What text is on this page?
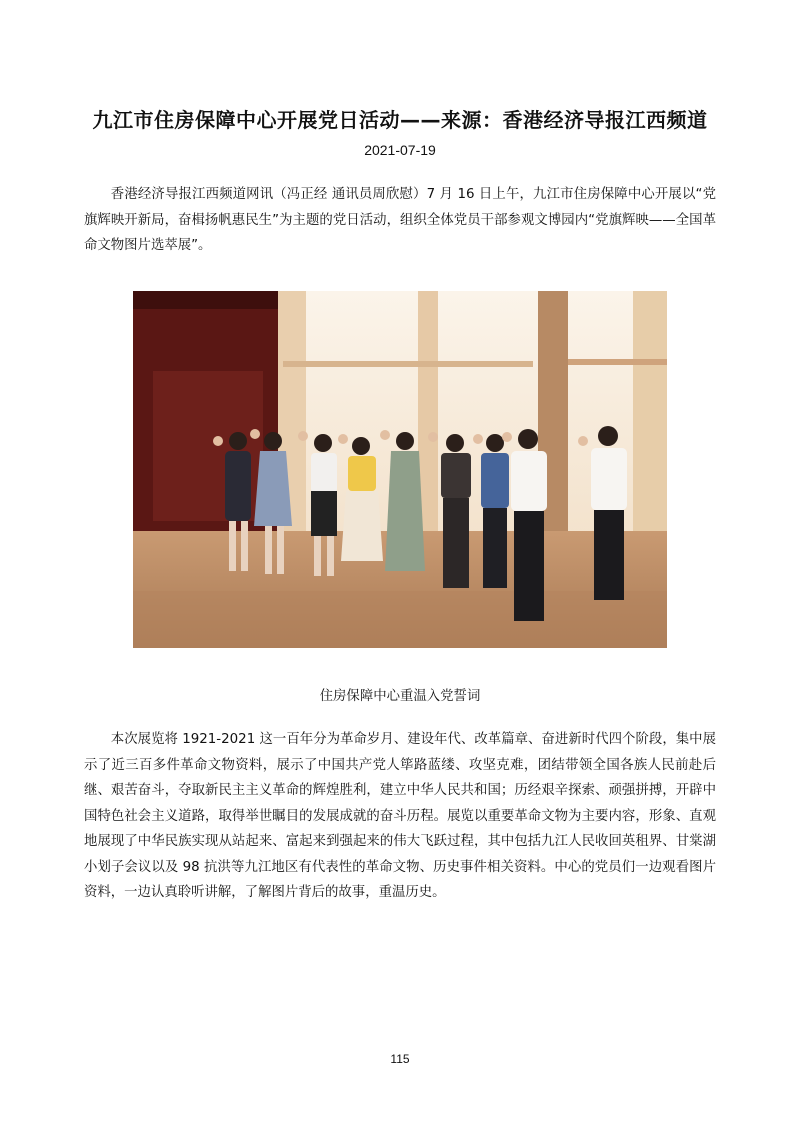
九江市住房保障中心开展党日活动——来源：香港经济导报江西频道
2021-07-19

香港经济导报江西频道网讯（冯正经 通讯员周欣慰）7 月 16 日上午，九江市住房保障中心开展以“党旗辉映开新局，奋楫扬帆惠民生”为主题的党日活动，组织全体党员干部参观文博园内“党旗辉映——全国革命文物图片选萃展”。

住房保障中心重温入党誓词

本次展览将 1921-2021 这一百年分为革命岁月、建设年代、改革篇章、奋进新时代四个阶段，集中展示了近三百多件革命文物资料，展示了中国共产党人筚路蓝缕、攻坚克难，团结带领全国各族人民前赴后继、艰苦奋斗，夺取新民主主义革命的辉煌胜利，建立中华人民共和国；历经艰辛探索、顽强拼搏，开辟中国特色社会主义道路，取得举世瞩目的发展成就的奋斗历程。展览以重要革命文物为主要内容，形象、直观地展现了中华民族实现从站起来、富起来到强起来的伟大飞跃过程，其中包括九江人民收回英租界、甘棠湖小划子会议以及 98 抗洪等九江地区有代表性的革命文物、历史事件相关资料。中心的党员们一边观看图片资料，一边认真聆听讲解，了解图片背后的故事，重温历史。

115
